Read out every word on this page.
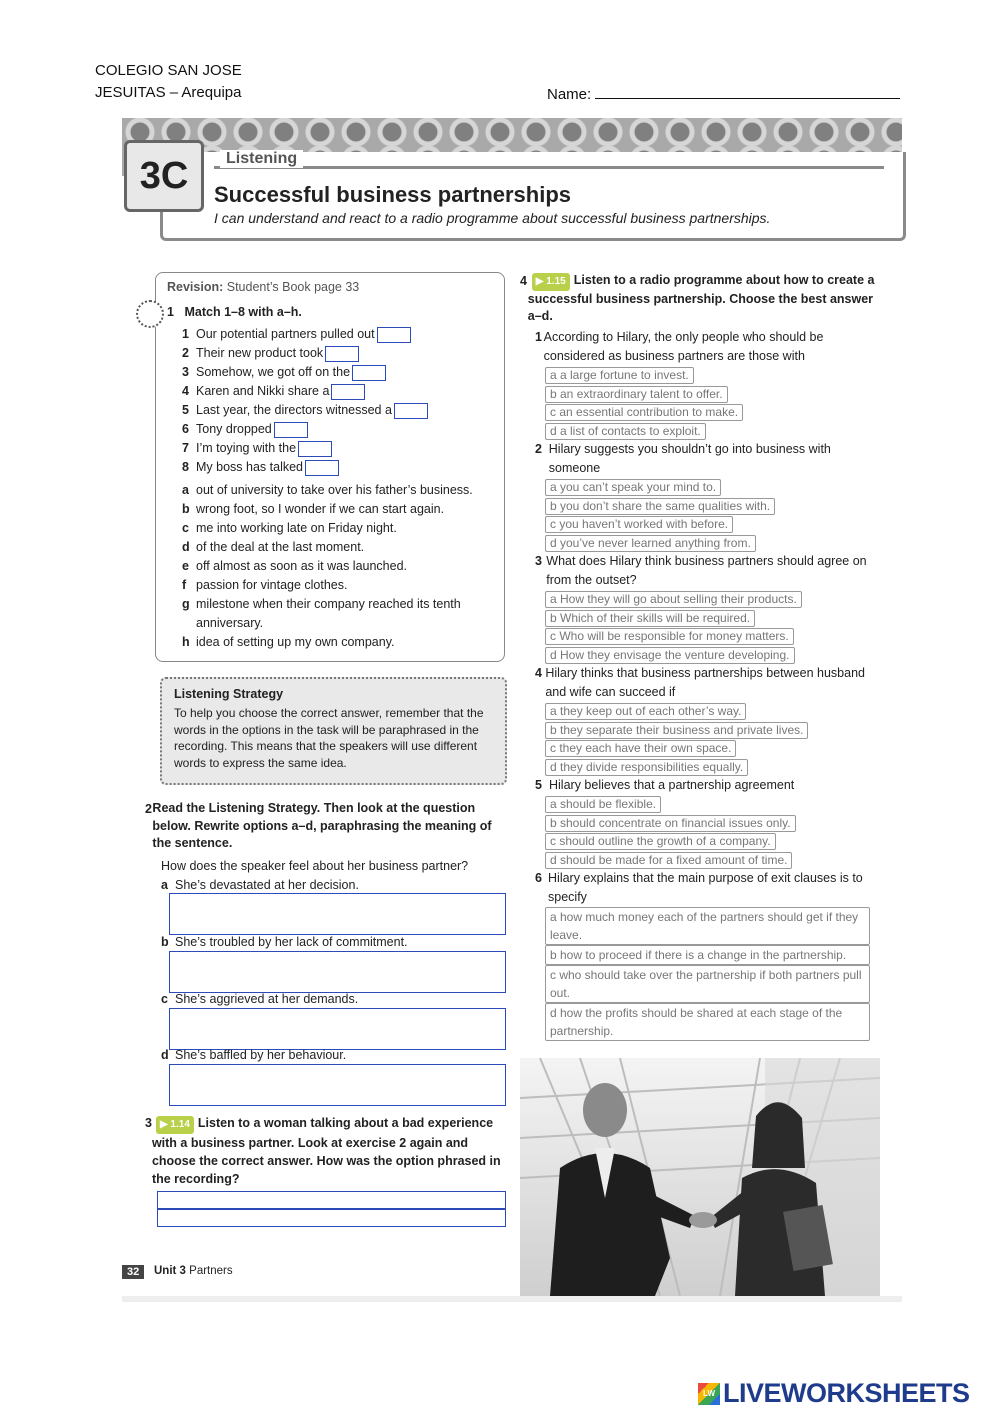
COLEGIO SAN JOSE
JESUITAS – Arequipa	Name:
3C	Listening
Successful business partnerships
I can understand and react to a radio programme about successful business partnerships.
Revision: Student’s Book page 33
1 Match 1–8 with a–h.
1 Our potential partners pulled out
2 Their new product took
3 Somehow, we got off on the
4 Karen and Nikki share a
5 Last year, the directors witnessed a
6 Tony dropped
7 I’m toying with the
8 My boss has talked
a out of university to take over his father’s business.
b wrong foot, so I wonder if we can start again.
c me into working late on Friday night.
d of the deal at the last moment.
e off almost as soon as it was launched.
f passion for vintage clothes.
g milestone when their company reached its tenth anniversary.
h idea of setting up my own company.
Listening Strategy
To help you choose the correct answer, remember that the words in the options in the task will be paraphrased in the recording. This means that the speakers will use different words to express the same idea.
2 Read the Listening Strategy. Then look at the question below. Rewrite options a–d, paraphrasing the meaning of the sentence.
How does the speaker feel about her business partner?
a She’s devastated at her decision.
b She’s troubled by her lack of commitment.
c She’s aggrieved at her demands.
d She’s baffled by her behaviour.
3 ▶ 1.14 Listen to a woman talking about a bad experience with a business partner. Look at exercise 2 again and choose the correct answer. How was the option phrased in the recording?
32	Unit 3 Partners
4 ▶ 1.15 Listen to a radio programme about how to create a successful business partnership. Choose the best answer a–d.
1 According to Hilary, the only people who should be considered as business partners are those with
a a large fortune to invest.
b an extraordinary talent to offer.
c an essential contribution to make.
d a list of contacts to exploit.
2 Hilary suggests you shouldn’t go into business with someone
a you can’t speak your mind to.
b you don’t share the same qualities with.
c you haven’t worked with before.
d you’ve never learned anything from.
3 What does Hilary think business partners should agree on from the outset?
a How they will go about selling their products.
b Which of their skills will be required.
c Who will be responsible for money matters.
d How they envisage the venture developing.
4 Hilary thinks that business partnerships between husband and wife can succeed if
a they keep out of each other’s way.
b they separate their business and private lives.
c they each have their own space.
d they divide responsibilities equally.
5 Hilary believes that a partnership agreement
a should be flexible.
b should concentrate on financial issues only.
c should outline the growth of a company.
d should be made for a fixed amount of time.
6 Hilary explains that the main purpose of exit clauses is to specify
a how much money each of the partners should get if they leave.
b how to proceed if there is a change in the partnership.
c who should take over the partnership if both partners pull out.
d how the profits should be shared at each stage of the partnership.
LW LIVEWORKSHEETS
